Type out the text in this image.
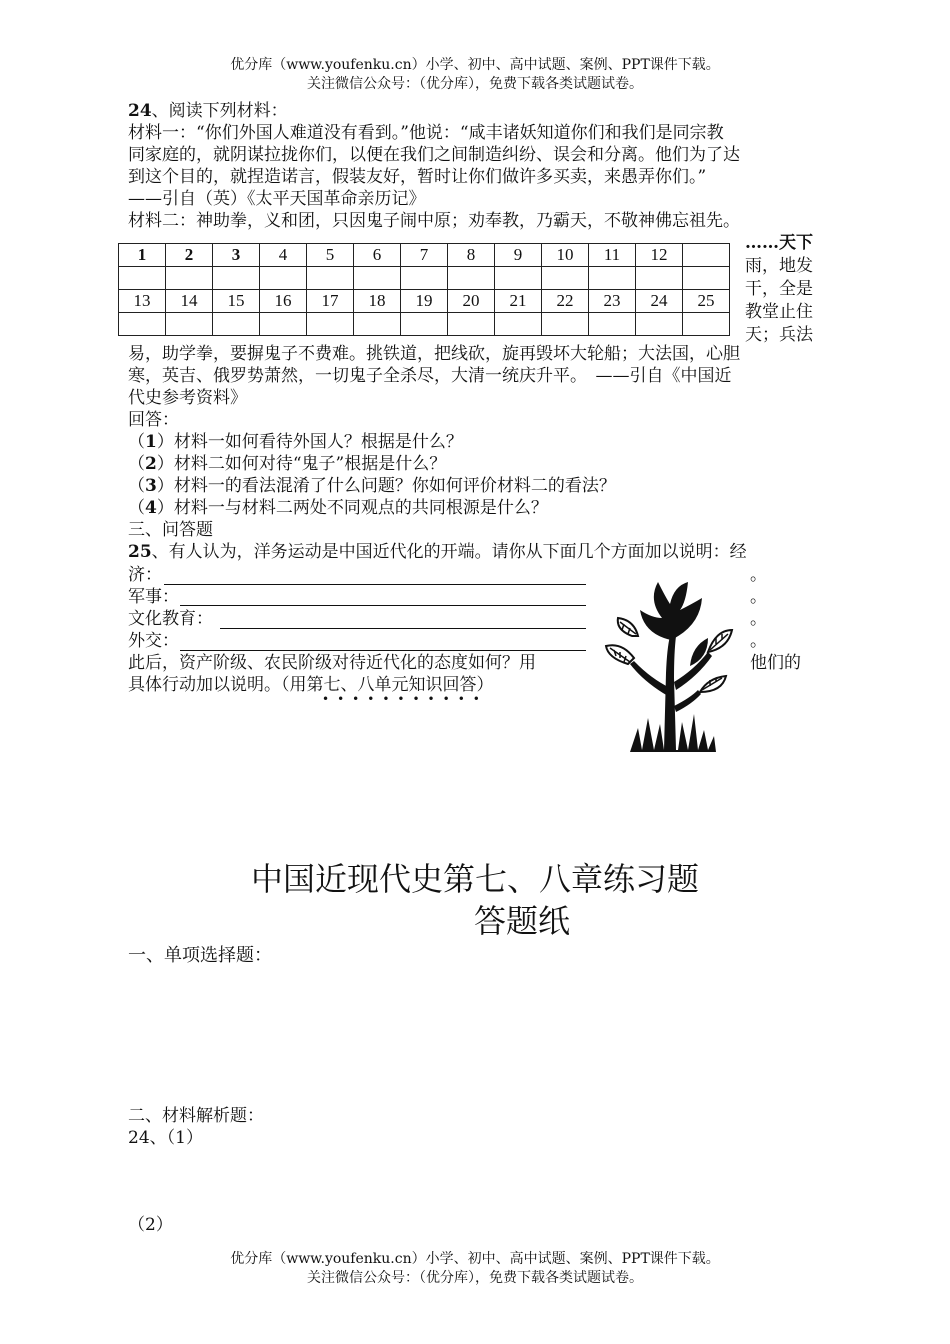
优分库（www.youfenku.cn）小学、初中、高中试题、案例、PPT课件下载。
关注微信公众号：（优分库），免费下载各类试题试卷。
24、阅读下列材料：
材料一：“你们外国人难道没有看到。”他说：“咸丰诸妖知道你们和我们是同宗教
同家庭的，就阴谋拉拢你们，以便在我们之间制造纠纷、误会和分离。他们为了达
到这个目的，就捏造诺言，假装友好，暂时让你们做许多买卖，来愚弄你们。”
——引自（英）《太平天国革命亲历记》
材料二：神助拳，义和团，只因鬼子闹中原；劝奉教，乃霸天，不敬神佛忘祖先。
1	2	3	4	5	6	7	8	9	10	11	12	

13	14	15	16	17	18	19	20	21	22	23	24	25

……天下
雨，地发
干，全是
教堂止住
天；兵法
易，助学拳，要摒鬼子不费难。挑铁道，把线砍，旋再毁坏大轮船；大法国，心胆
寒，英吉、俄罗势萧然，一切鬼子全杀尽，大清一统庆升平。　——引自《中国近
代史参考资料》
回答：
（1）材料一如何看待外国人？根据是什么？
（2）材料二如何对待“鬼子”根据是什么？
（3）材料一的看法混淆了什么问题？你如何评价材料二的看法？
（4）材料一与材料二两处不同观点的共同根源是什么？
三、问答题
25、有人认为，洋务运动是中国近代化的开端。请你从下面几个方面加以说明：经
济：	。
军事：	。
文化教育：	。
外交：	。
此后，资产阶级、农民阶级对待近代化的态度如何？用	他们的
具体行动加以说明。（用第七、八单元知识回答）
•••••••••••
中国近现代史第七、八章练习题
答题纸
一、单项选择题：
二、材料解析题：
24、（1）
（2）
优分库（www.youfenku.cn）小学、初中、高中试题、案例、PPT课件下载。
关注微信公众号：（优分库），免费下载各类试题试卷。
